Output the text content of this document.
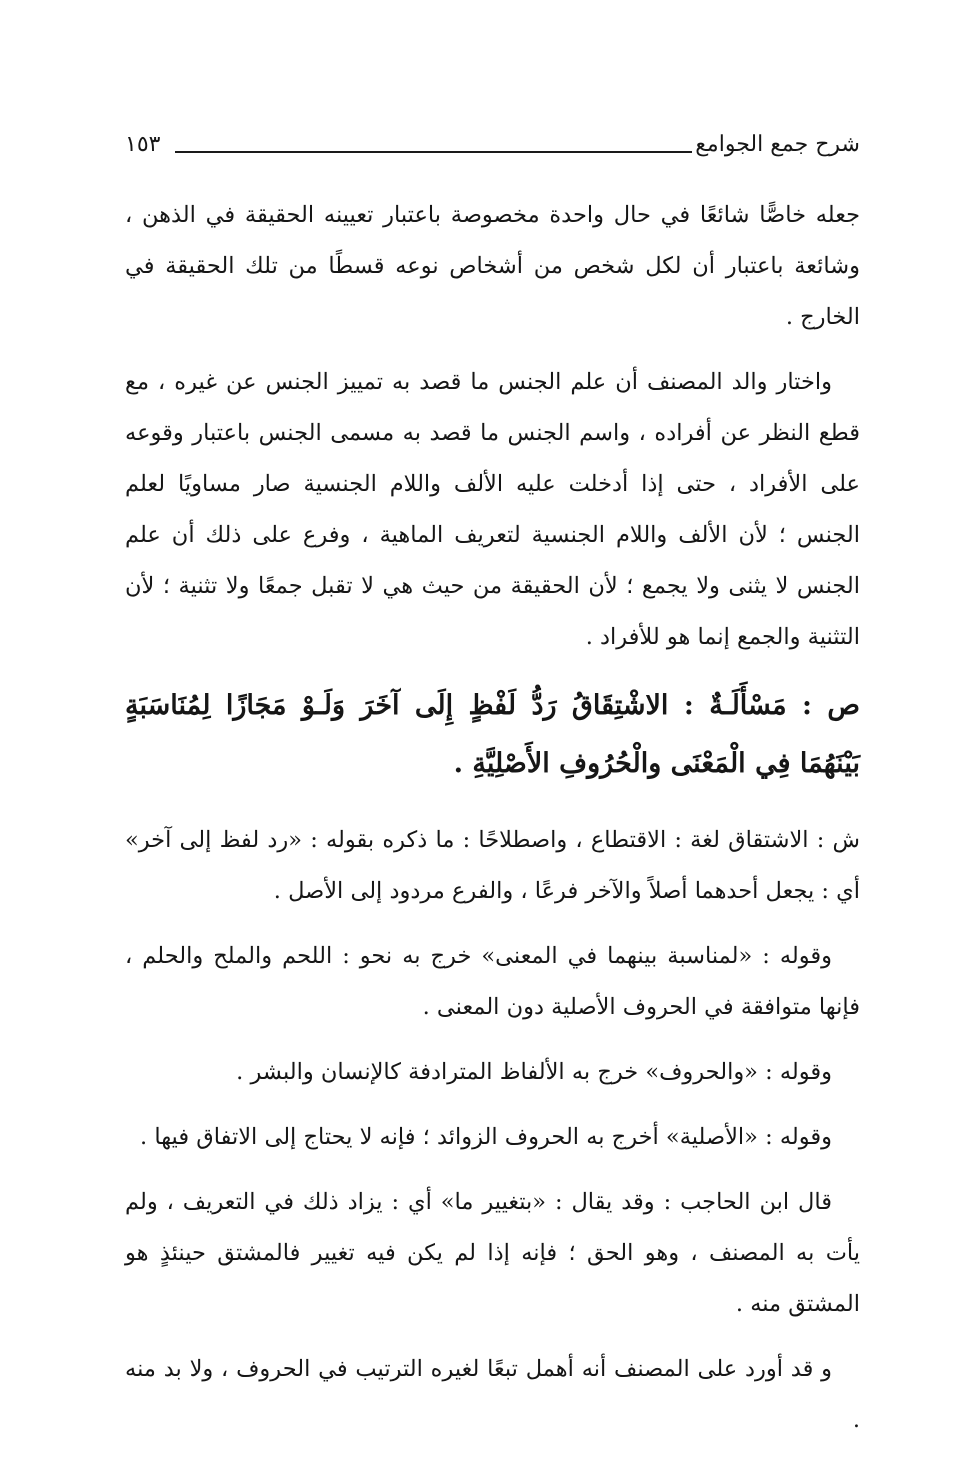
شرح جمع الجوامع
١٥٣

جعله خاصًّا شائعًا في حال واحدة مخصوصة باعتبار تعيينه الحقيقة في الذهن ، وشائعة باعتبار أن لكل شخص من أشخاص نوعه قسطًا من تلك الحقيقة في الخارج .

واختار والد المصنف أن علم الجنس ما قصد به تمييز الجنس عن غيره ، مع قطع النظر عن أفراده ، واسم الجنس ما قصد به مسمى الجنس باعتبار وقوعه على الأفراد ، حتى إذا أدخلت عليه الألف واللام الجنسية صار مساويًا لعلم الجنس ؛ لأن الألف واللام الجنسية لتعريف الماهية ، وفرع على ذلك أن علم الجنس لا يثنى ولا يجمع ؛ لأن الحقيقة من حيث هي لا تقبل جمعًا ولا تثنية ؛ لأن التثنية والجمع إنما هو للأفراد .

ص : مَسْأَلَـةٌ : الاشْتِقَاقُ رَدُّ لَفْظٍ إِلَى آخَرَ وَلَـوْ مَجَازًا لِمُنَاسَبَةٍ بَيْنَهُمَا فِي الْمَعْنَى والْحُرُوفِ الأَصْلِيَّةِ .

ش : الاشتقاق لغة : الاقتطاع ، واصطلاحًا : ما ذكره بقوله : «رد لفظ إلى آخر» أي : يجعل أحدهما أصلاً والآخر فرعًا ، والفرع مردود إلى الأصل .

وقوله : «لمناسبة بينهما في المعنى» خرج به نحو : اللحم والملح والحلم ، فإنها متوافقة في الحروف الأصلية دون المعنى .

وقوله : «والحروف» خرج به الألفاظ المترادفة كالإنسان والبشر .

وقوله : «الأصلية» أخرج به الحروف الزوائد ؛ فإنه لا يحتاج إلى الاتفاق فيها .

قال ابن الحاجب : وقد يقال : «بتغيير ما» أي : يزاد ذلك في التعريف ، ولم يأت به المصنف ، وهو الحق ؛ فإنه إذا لم يكن فيه تغيير فالمشتق حينئذٍ هو المشتق منه .

و قد أورد على المصنف أنه أهمل تبعًا لغيره الترتيب في الحروف ، ولا بد منه .
